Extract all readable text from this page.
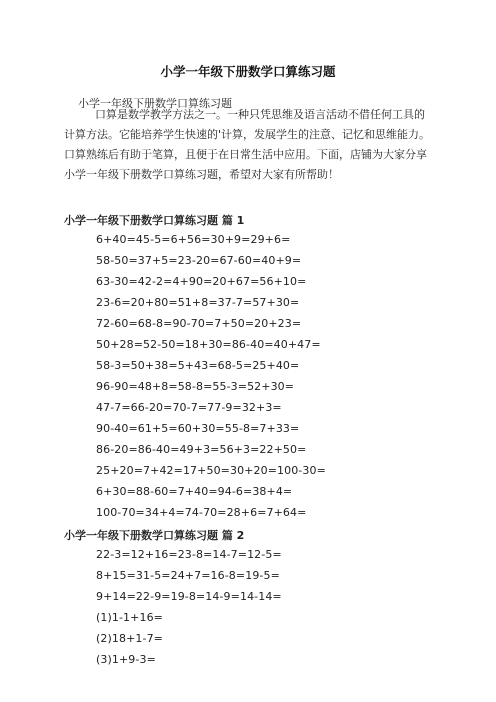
小学一年级下册数学口算练习题
小学一年级下册数学口算练习题
口算是数学教学方法之一。一种只凭思维及语言活动不借任何工具的计算方法。它能培养学生快速的'计算，发展学生的注意、记忆和思维能力。口算熟练后有助于笔算，且便于在日常生活中应用。下面，店铺为大家分享小学一年级下册数学口算练习题，希望对大家有所帮助！
小学一年级下册数学口算练习题 篇 1
6+40=45-5=6+56=30+9=29+6=
58-50=37+5=23-20=67-60=40+9=
63-30=42-2=4+90=20+67=56+10=
23-6=20+80=51+8=37-7=57+30=
72-60=68-8=90-70=7+50=20+23=
50+28=52-50=18+30=86-40=40+47=
58-3=50+38=5+43=68-5=25+40=
96-90=48+8=58-8=55-3=52+30=
47-7=66-20=70-7=77-9=32+3=
90-40=61+5=60+30=55-8=7+33=
86-20=86-40=49+3=56+3=22+50=
25+20=7+42=17+50=30+20=100-30=
6+30=88-60=7+40=94-6=38+4=
100-70=34+4=74-70=28+6=7+64=
小学一年级下册数学口算练习题 篇 2
22-3=12+16=23-8=14-7=12-5=
8+15=31-5=24+7=16-8=19-5=
9+14=22-9=19-8=14-9=14-14=
(1)1-1+16=
(2)18+1-7=
(3)1+9-3=
